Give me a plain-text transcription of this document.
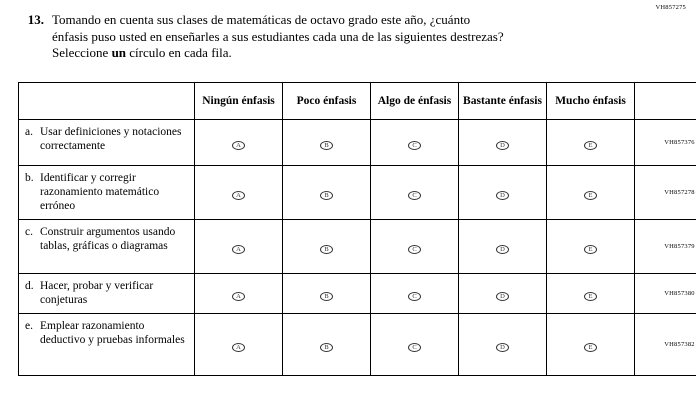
VH857275
13. Tomando en cuenta sus clases de matemáticas de octavo grado este año, ¿cuánto
énfasis puso usted en enseñarles a sus estudiantes cada una de las siguientes destrezas?
Seleccione un círculo en cada fila.
	Ningún énfasis	Poco énfasis	Algo de énfasis	Bastante énfasis	Mucho énfasis	

a. Usar definiciones y notaciones correctamente	A	B	C	D	E	VH857376

b. Identificar y corregir razonamiento matemático erróneo	A	B	C	D	E	VH857278

c. Construir argumentos usando tablas, gráficas o diagramas	A	B	C	D	E	VH857379

d. Hacer, probar y verificar conjeturas	A	B	C	D	E	VH857380

e. Emplear razonamiento deductivo y pruebas informales	A	B	C	D	E	VH857382
